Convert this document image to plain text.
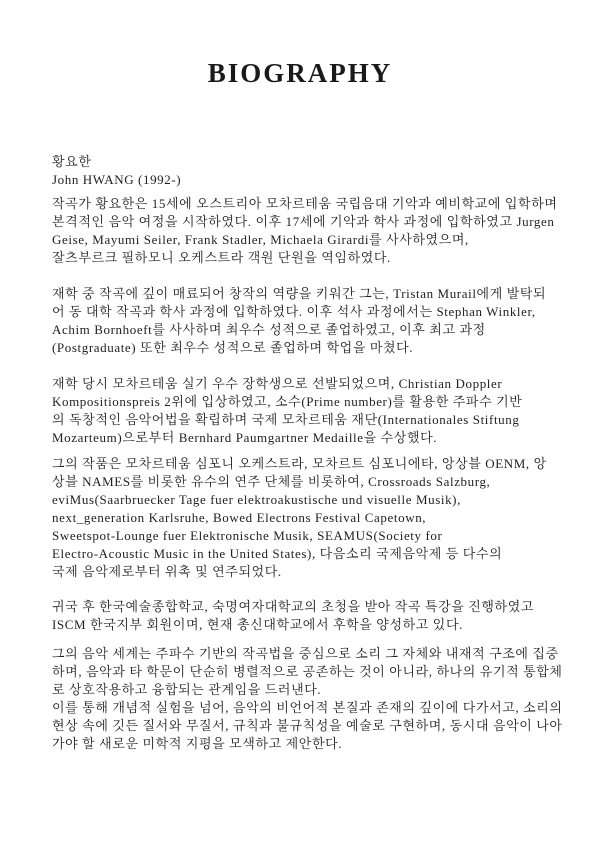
BIOGRAPHY
황요한
John HWANG (1992-)
작곡가 황요한은 15세에 오스트리아 모차르테움 국립음대 기악과 예비학교에 입학하며
본격적인 음악 여정을 시작하였다. 이후 17세에 기악과 학사 과정에 입학하였고 Jurgen
Geise, Mayumi Seiler, Frank Stadler, Michaela Girardi를 사사하였으며,
잘츠부르크 필하모니 오케스트라 객원 단원을 역임하였다.
재학 중 작곡에 깊이 매료되어 창작의 역량을 키워간 그는, Tristan Murail에게 발탁되
어 동 대학 작곡과 학사 과정에 입학하였다. 이후 석사 과정에서는 Stephan Winkler,
Achim Bornhoeft를 사사하며 최우수 성적으로 졸업하였고, 이후 최고 과정
(Postgraduate) 또한 최우수 성적으로 졸업하며 학업을 마쳤다.
재학 당시 모차르테움 실기 우수 장학생으로 선발되었으며, Christian Doppler
Kompositionspreis 2위에 입상하였고, 소수(Prime number)를 활용한 주파수 기반
의 독창적인 음악어법을 확립하며 국제 모차르테움 재단(Internationales Stiftung
Mozarteum)으로부터 Bernhard Paumgartner Medaille을 수상했다.
그의 작품은 모차르테움 심포니 오케스트라, 모차르트 심포니에타, 앙상블 OENM, 앙
상블 NAMES를 비롯한 유수의 연주 단체를 비롯하여, Crossroads Salzburg,
eviMus(Saarbruecker Tage fuer elektroakustische und visuelle Musik),
next_generation Karlsruhe, Bowed Electrons Festival Capetown,
Sweetspot-Lounge fuer Elektronische Musik, SEAMUS(Society for
Electro-Acoustic Music in the United States), 다음소리 국제음악제 등 다수의
국제 음악제로부터 위촉 및 연주되었다.
귀국 후 한국예술종합학교, 숙명여자대학교의 초청을 받아 작곡 특강을 진행하였고
ISCM 한국지부 회원이며, 현재 총신대학교에서 후학을 양성하고 있다.
그의 음악 세계는 주파수 기반의 작곡법을 중심으로 소리 그 자체와 내재적 구조에 집중
하며, 음악과 타 학문이 단순히 병렬적으로 공존하는 것이 아니라, 하나의 유기적 통합체
로 상호작용하고 융합되는 관계임을 드러낸다.
이를 통해 개념적 실험을 넘어, 음악의 비언어적 본질과 존재의 깊이에 다가서고, 소리의
현상 속에 깃든 질서와 무질서, 규칙과 불규칙성을 예술로 구현하며, 동시대 음악이 나아
가야 할 새로운 미학적 지평을 모색하고 제안한다.
